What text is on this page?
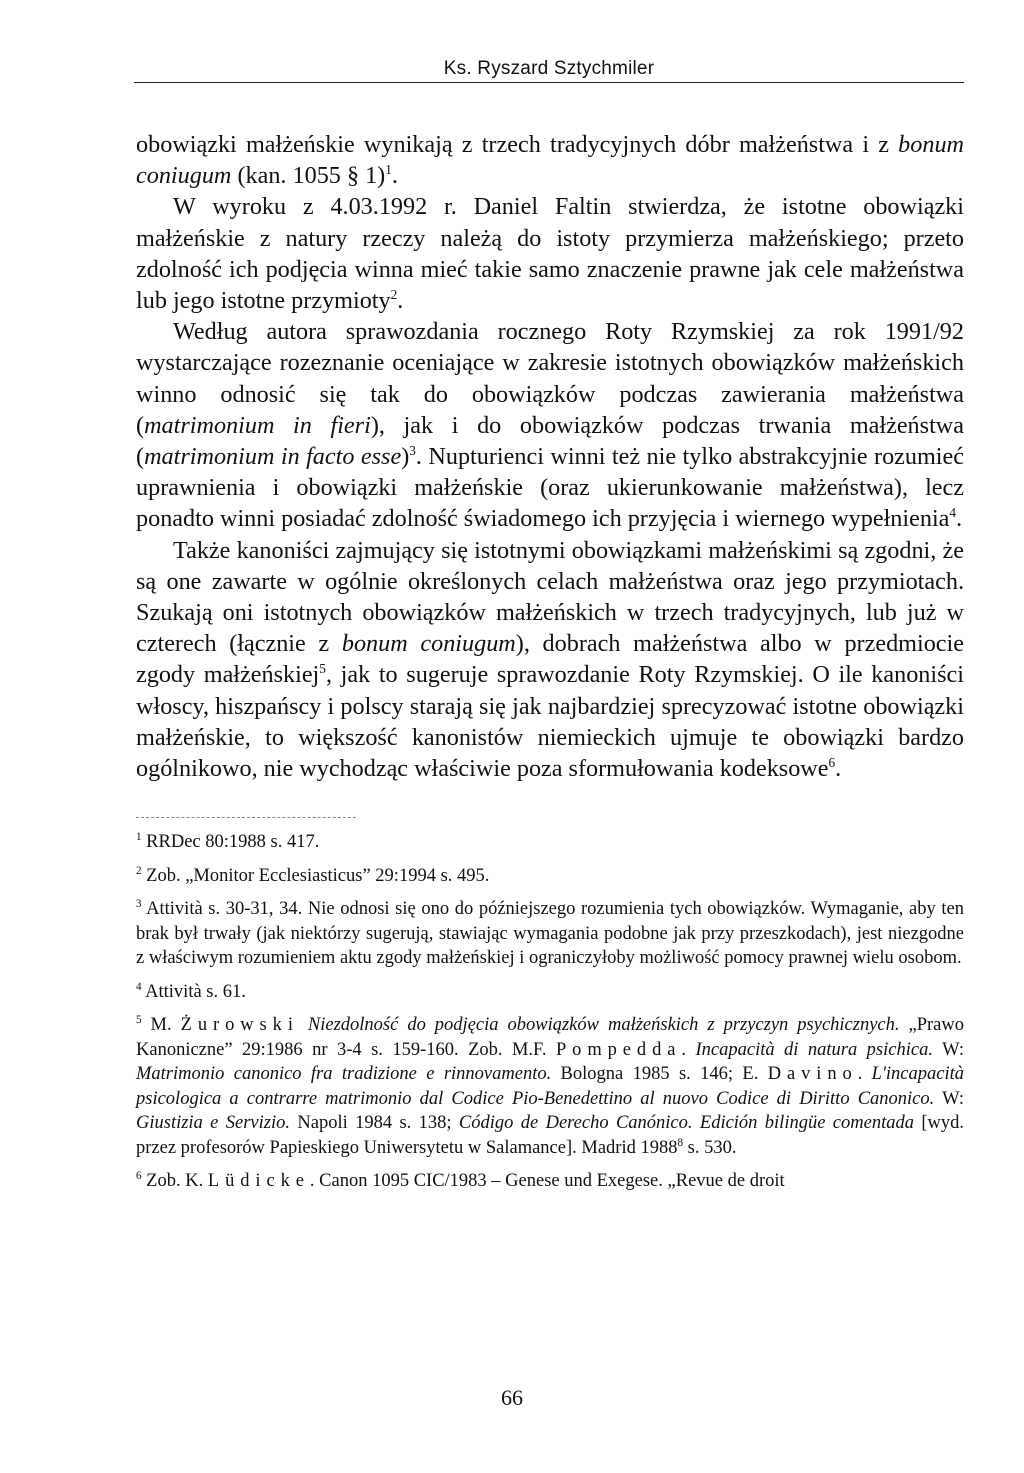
Ks. Ryszard Sztychmiler

obowiązki małżeńskie wynikają z trzech tradycyjnych dóbr małżeństwa i z bonum coniugum (kan. 1055 § 1)$^1$.

W wyroku z 4.03.1992 r. Daniel Faltin stwierdza, że istotne obowiązki małżeńskie z natury rzeczy należą do istoty przymierza małżeńskiego; przeto zdolność ich podjęcia winna mieć takie samo znaczenie prawne jak cele małżeństwa lub jego istotne przymioty$^2$.

Według autora sprawozdania rocznego Roty Rzymskiej za rok 1991/92 wystarczające rozeznanie oceniające w zakresie istotnych obowiązków małżeńskich winno odnosić się tak do obowiązków podczas zawierania małżeństwa (matrimonium in fieri), jak i do obowiązków podczas trwania małżeństwa (matrimonium in facto esse)$^3$. Nupturienci winni też nie tylko abstrakcyjnie rozumieć uprawnienia i obowiązki małżeńskie (oraz ukierunkowanie małżeństwa), lecz ponadto winni posiadać zdolność świadomego ich przyjęcia i wiernego wypełnienia$^4$.

Także kanoniści zajmujący się istotnymi obowiązkami małżeńskimi są zgodni, że są one zawarte w ogólnie określonych celach małżeństwa oraz jego przymiotach. Szukają oni istotnych obowiązków małżeńskich w trzech tradycyjnych, lub już w czterech (łącznie z bonum coniugum), dobrach małżeństwa albo w przedmiocie zgody małżeńskiej$^5$, jak to sugeruje sprawozdanie Roty Rzymskiej. O ile kanoniści włoscy, hiszpańscy i polscy starają się jak najbardziej sprecyzować istotne obowiązki małżeńskie, to większość kanonistów niemieckich ujmuje te obowiązki bardzo ogólnikowo, nie wychodząc właściwie poza sformułowania kodeksowe$^6$.

$^1$ RRDec 80:1988 s. 417.

$^2$ Zob. „Monitor Ecclesiasticus” 29:1994 s. 495.

$^3$ Attività s. 30-31, 34. Nie odnosi się ono do późniejszego rozumienia tych obowiązków. Wymaganie, aby ten brak był trwały (jak niektórzy sugerują, stawiając wymagania podobne jak przy przeszkodach), jest niezgodne z właściwym rozumieniem aktu zgody małżeńskiej i ograniczyłoby możliwość pomocy prawnej wielu osobom.

$^4$ Attività s. 61.

$^5$ M. Żurowski Niezdolność do podjęcia obowiązków małżeńskich z przyczyn psychicznych. „Prawo Kanoniczne” 29:1986 nr 3-4 s. 159-160. Zob. M.F. Pompedda. Incapacità di natura psichica. W: Matrimonio canonico fra tradizione e rinnovamento. Bologna 1985 s. 146; E. Davino. L'incapacità psicologica a contrarre matrimonio dal Codice Pio-Benedettino al nuovo Codice di Diritto Canonico. W: Giustizia e Servizio. Napoli 1984 s. 138; Código de Derecho Canónico. Edición bilingüe comentada [wyd. przez profesorów Papieskiego Uniwersytetu w Salamance]. Madrid 1988$^8$ s. 530.

$^6$ Zob. K. Lüdicke. Canon 1095 CIC/1983 – Genese und Exegese. „Revue de droit

66
